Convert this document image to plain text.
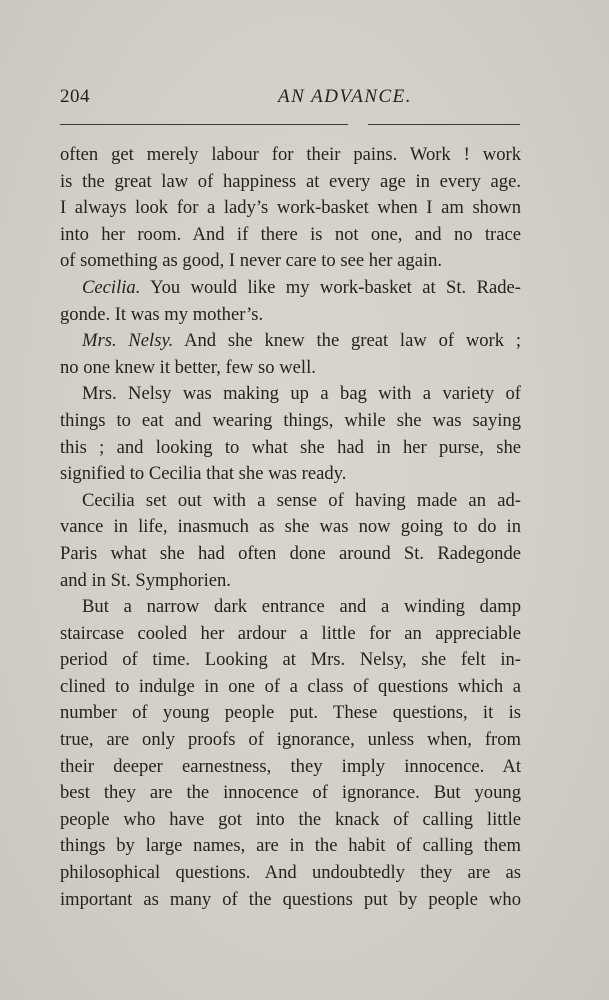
204	AN ADVANCE.
often get merely labour for their pains. Work ! work
is the great law of happiness at every age in every age.
I always look for a lady’s work-basket when I am shown
into her room. And if there is not one, and no trace
of something as good, I never care to see her again.
Cecilia. You would like my work-basket at St. Rade-
gonde. It was my mother’s.
Mrs. Nelsy. And she knew the great law of work ;
no one knew it better, few so well.
Mrs. Nelsy was making up a bag with a variety of
things to eat and wearing things, while she was saying
this ; and looking to what she had in her purse, she
signified to Cecilia that she was ready.
Cecilia set out with a sense of having made an ad-
vance in life, inasmuch as she was now going to do in
Paris what she had often done around St. Radegonde
and in St. Symphorien.
But a narrow dark entrance and a winding damp
staircase cooled her ardour a little for an appreciable
period of time. Looking at Mrs. Nelsy, she felt in-
clined to indulge in one of a class of questions which a
number of young people put. These questions, it is
true, are only proofs of ignorance, unless when, from
their deeper earnestness, they imply innocence. At
best they are the innocence of ignorance. But young
people who have got into the knack of calling little
things by large names, are in the habit of calling them
philosophical questions. And undoubtedly they are as
important as many of the questions put by people who
